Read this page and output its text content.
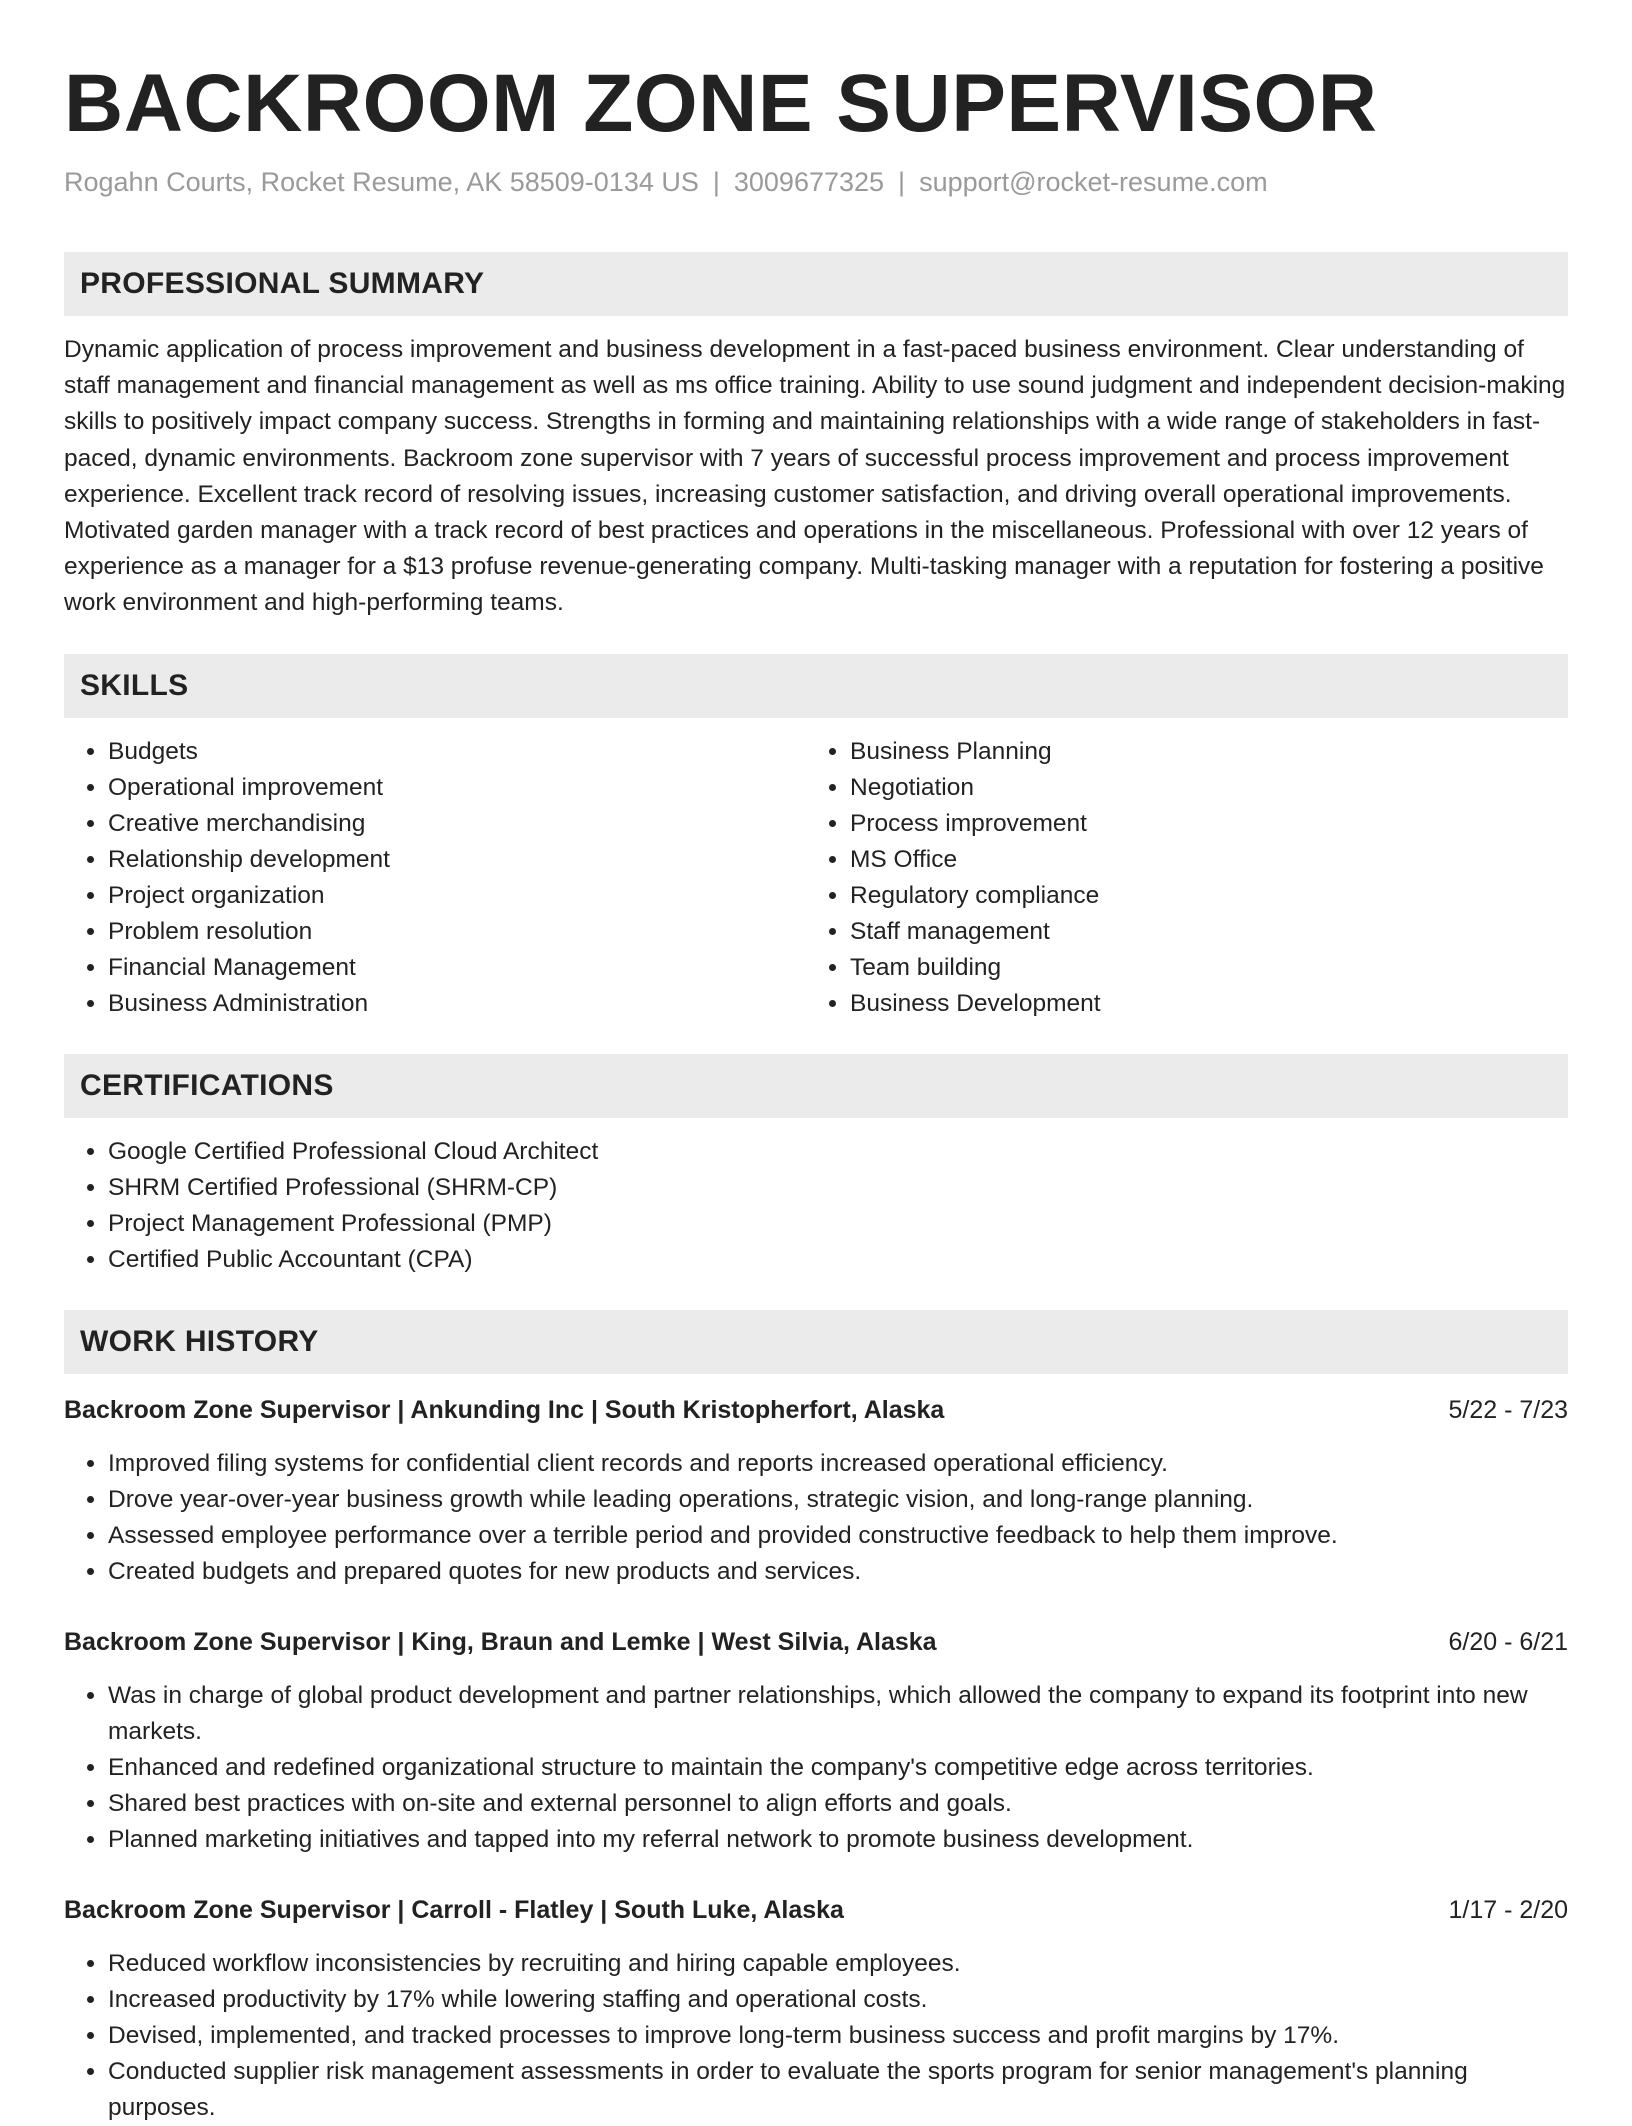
BACKROOM ZONE SUPERVISOR
Rogahn Courts, Rocket Resume, AK 58509-0134 US | 3009677325 | support@rocket-resume.com
PROFESSIONAL SUMMARY
Dynamic application of process improvement and business development in a fast-paced business environment. Clear understanding of staff management and financial management as well as ms office training. Ability to use sound judgment and independent decision-making skills to positively impact company success. Strengths in forming and maintaining relationships with a wide range of stakeholders in fast-paced, dynamic environments. Backroom zone supervisor with 7 years of successful process improvement and process improvement experience. Excellent track record of resolving issues, increasing customer satisfaction, and driving overall operational improvements. Motivated garden manager with a track record of best practices and operations in the miscellaneous. Professional with over 12 years of experience as a manager for a $13 profuse revenue-generating company. Multi-tasking manager with a reputation for fostering a positive work environment and high-performing teams.
SKILLS
• Budgets
• Operational improvement
• Creative merchandising
• Relationship development
• Project organization
• Problem resolution
• Financial Management
• Business Administration
• Business Planning
• Negotiation
• Process improvement
• MS Office
• Regulatory compliance
• Staff management
• Team building
• Business Development
CERTIFICATIONS
• Google Certified Professional Cloud Architect
• SHRM Certified Professional (SHRM-CP)
• Project Management Professional (PMP)
• Certified Public Accountant (CPA)
WORK HISTORY
Backroom Zone Supervisor | Ankunding Inc | South Kristopherfort, Alaska	5/22 - 7/23
• Improved filing systems for confidential client records and reports increased operational efficiency.
• Drove year-over-year business growth while leading operations, strategic vision, and long-range planning.
• Assessed employee performance over a terrible period and provided constructive feedback to help them improve.
• Created budgets and prepared quotes for new products and services.
Backroom Zone Supervisor | King, Braun and Lemke | West Silvia, Alaska	6/20 - 6/21
• Was in charge of global product development and partner relationships, which allowed the company to expand its footprint into new markets.
• Enhanced and redefined organizational structure to maintain the company's competitive edge across territories.
• Shared best practices with on-site and external personnel to align efforts and goals.
• Planned marketing initiatives and tapped into my referral network to promote business development.
Backroom Zone Supervisor | Carroll - Flatley | South Luke, Alaska	1/17 - 2/20
• Reduced workflow inconsistencies by recruiting and hiring capable employees.
• Increased productivity by 17% while lowering staffing and operational costs.
• Devised, implemented, and tracked processes to improve long-term business success and profit margins by 17%.
• Conducted supplier risk management assessments in order to evaluate the sports program for senior management's planning purposes.
